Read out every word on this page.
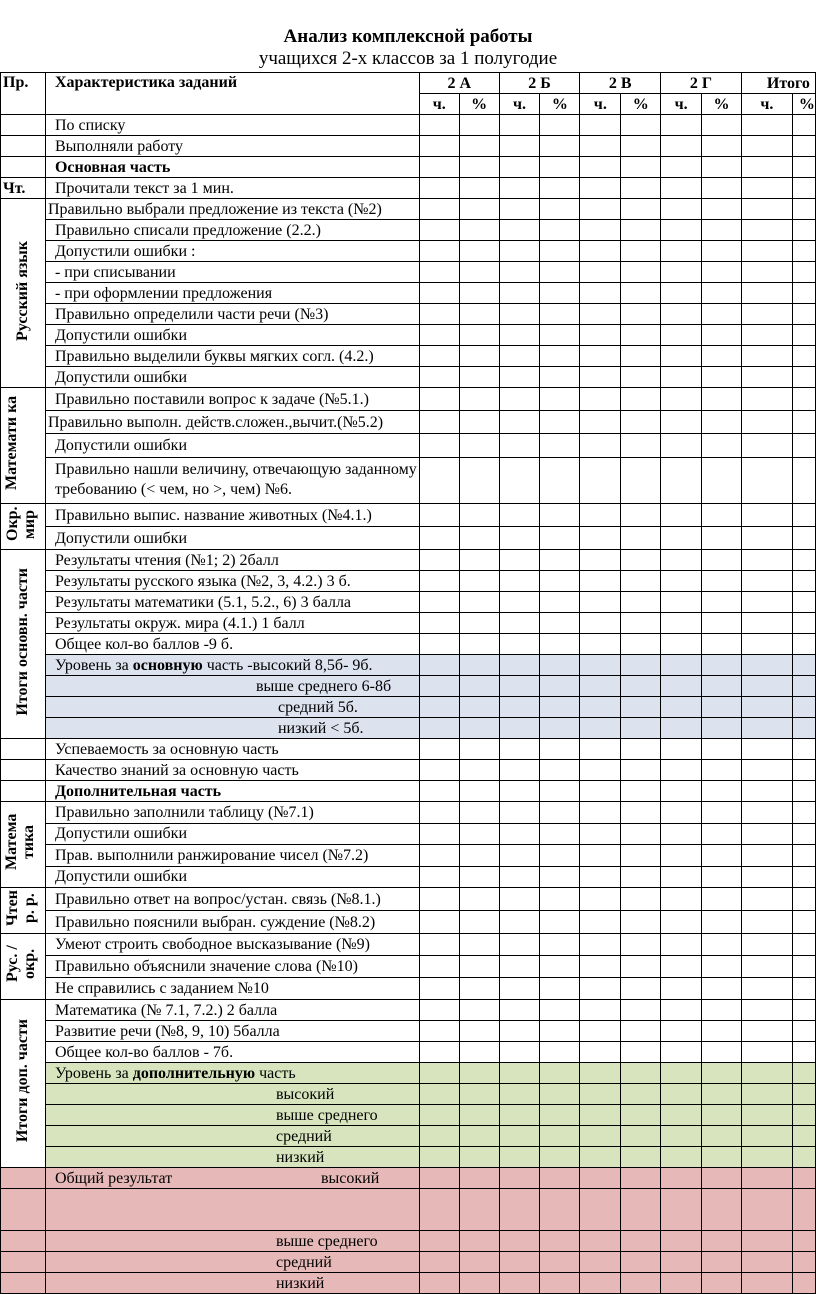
Анализ комплексной работы
учащихся 2-х классов за 1 полугодие
Пр.	Характеристика заданий	2 А		2 Б		2 В		2 Г		Итого	
		ч.	%	ч.	%	ч.	%	ч.	%	ч.	%
	По списку										
	Выполняли работу										
	Основная часть										
Чт.	Прочитали текст за 1 мин.										
Русский язык	Правильно выбрали предложение из текста (№2)										
	Правильно списали предложение (2.2.)										
	Допустили ошибки :										
	- при списывании										
	- при оформлении предложения										
	Правильно определили части речи (№3)										
	Допустили ошибки										
	Правильно выделили буквы мягких согл. (4.2.)										
	Допустили ошибки										
Математи ка	Правильно поставили вопрос к задаче (№5.1.)										
	Правильно выполн. действ.сложен.,вычит.(№5.2)										
	Допустили ошибки										
	Правильно нашли величину, отвечающую заданному требованию (< чем, но >, чем) №6.										
Окр. мир	Правильно выпис. название животных (№4.1.)										
	Допустили ошибки										
Итоги основн. части	Результаты чтения (№1; 2) 2балл										
	Результаты русского языка (№2, 3, 4.2.) 3 б.										
	Результаты математики (5.1, 5.2., 6) 3 балла										
	Результаты окруж. мира (4.1.) 1 балл										
	Общее кол-во баллов -9 б.										
	Уровень за основную часть -высокий 8,5б- 9б.										
	выше среднего 6-8б										
	средний 5б.										
	низкий < 5б.										
	Успеваемость за основную часть										
	Качество знаний за основную часть										
	Дополнительная часть										
Матема тика	Правильно заполнили таблицу (№7.1)										
	Допустили ошибки										
	Прав. выполнили ранжирование чисел (№7.2)										
	Допустили ошибки										
Чтен р. р.	Правильно ответ на вопрос/устан. связь (№8.1.)										
	Правильно пояснили выбран. суждение (№8.2)										
Рус. /окр.	Умеют строить свободное высказывание (№9)										
	Правильно объяснили значение слова (№10)										
	Не справились с заданием №10										
Итоги доп. части	Математика (№ 7.1, 7.2.) 2 балла										
	Развитие речи (№8, 9, 10) 5балла										
	Общее кол-во баллов - 7б.										
	Уровень за дополнительную часть										
	высокий										
	выше среднего										
	средний										
	низкий										
	Общий результат высокий										

	выше среднего										
	средний										
	низкий										
